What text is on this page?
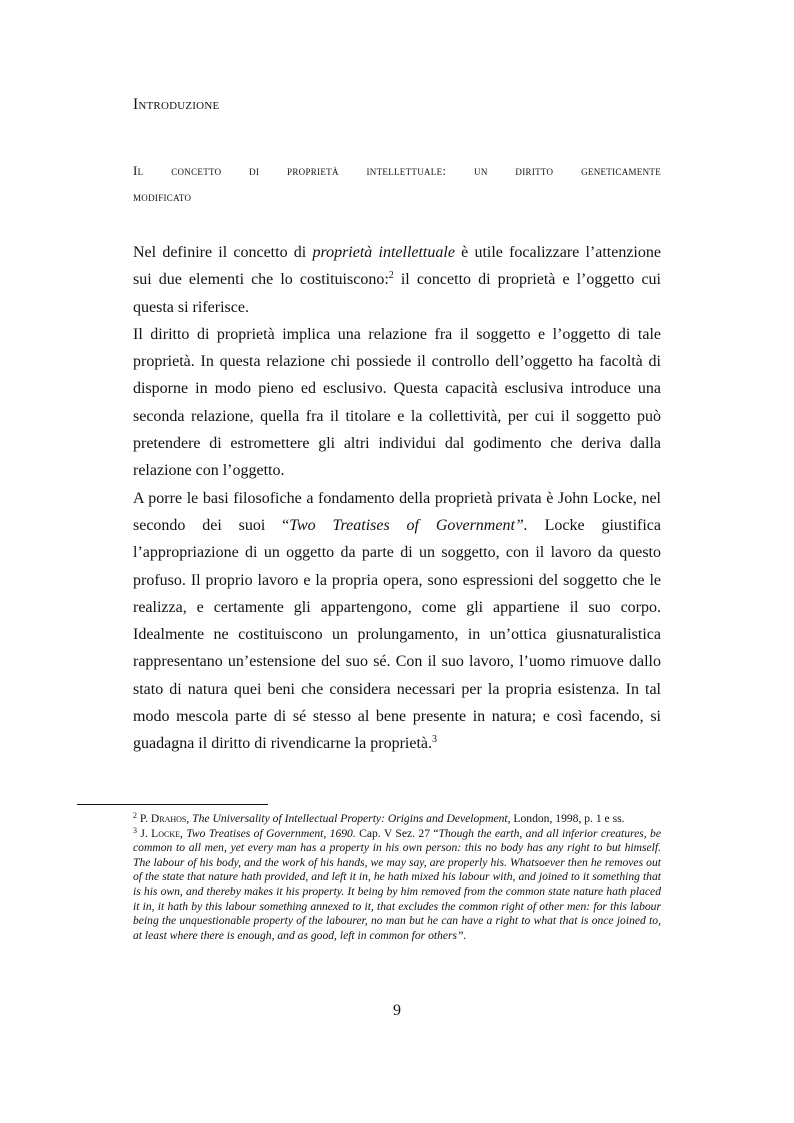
Introduzione
Il concetto di proprietà intellettuale: un diritto geneticamente
modificato

Nel definire il concetto di proprietà intellettuale è utile focalizzare l’attenzione sui due elementi che lo costituiscono:$^2$ il concetto di proprietà e l’oggetto cui questa si riferisce.

Il diritto di proprietà implica una relazione fra il soggetto e l’oggetto di tale proprietà. In questa relazione chi possiede il controllo dell’oggetto ha facoltà di disporne in modo pieno ed esclusivo. Questa capacità esclusiva introduce una seconda relazione, quella fra il titolare e la collettività, per cui il soggetto può pretendere di estromettere gli altri individui dal godimento che deriva dalla relazione con l’oggetto.

A porre le basi filosofiche a fondamento della proprietà privata è John Locke, nel secondo dei suoi “Two Treatises of Government”. Locke giustifica l’appropriazione di un oggetto da parte di un soggetto, con il lavoro da questo profuso. Il proprio lavoro e la propria opera, sono espressioni del soggetto che le realizza, e certamente gli appartengono, come gli appartiene il suo corpo. Idealmente ne costituiscono un prolungamento, in un’ottica giusnaturalistica rappresentano un’estensione del suo sé. Con il suo lavoro, l’uomo rimuove dallo stato di natura quei beni che considera necessari per la propria esistenza. In tal modo mescola parte di sé stesso al bene presente in natura; e così facendo, si guadagna il diritto di rivendicarne la proprietà.$^3$

$^2$ P. Drahos, The Universality of Intellectual Property: Origins and Development, London, 1998, p. 1 e ss.

$^3$ J. Locke, Two Treatises of Government, 1690. Cap. V Sez. 27 “Though the earth, and all inferior creatures, be common to all men, yet every man has a property in his own person: this no body has any right to but himself. The labour of his body, and the work of his hands, we may say, are properly his. Whatsoever then he removes out of the state that nature hath provided, and left it in, he hath mixed his labour with, and joined to it something that is his own, and thereby makes it his property. It being by him removed from the common state nature hath placed it in, it hath by this labour something annexed to it, that excludes the common right of other men: for this labour being the unquestionable property of the labourer, no man but he can have a right to what that is once joined to, at least where there is enough, and as good, left in common for others”.

9
